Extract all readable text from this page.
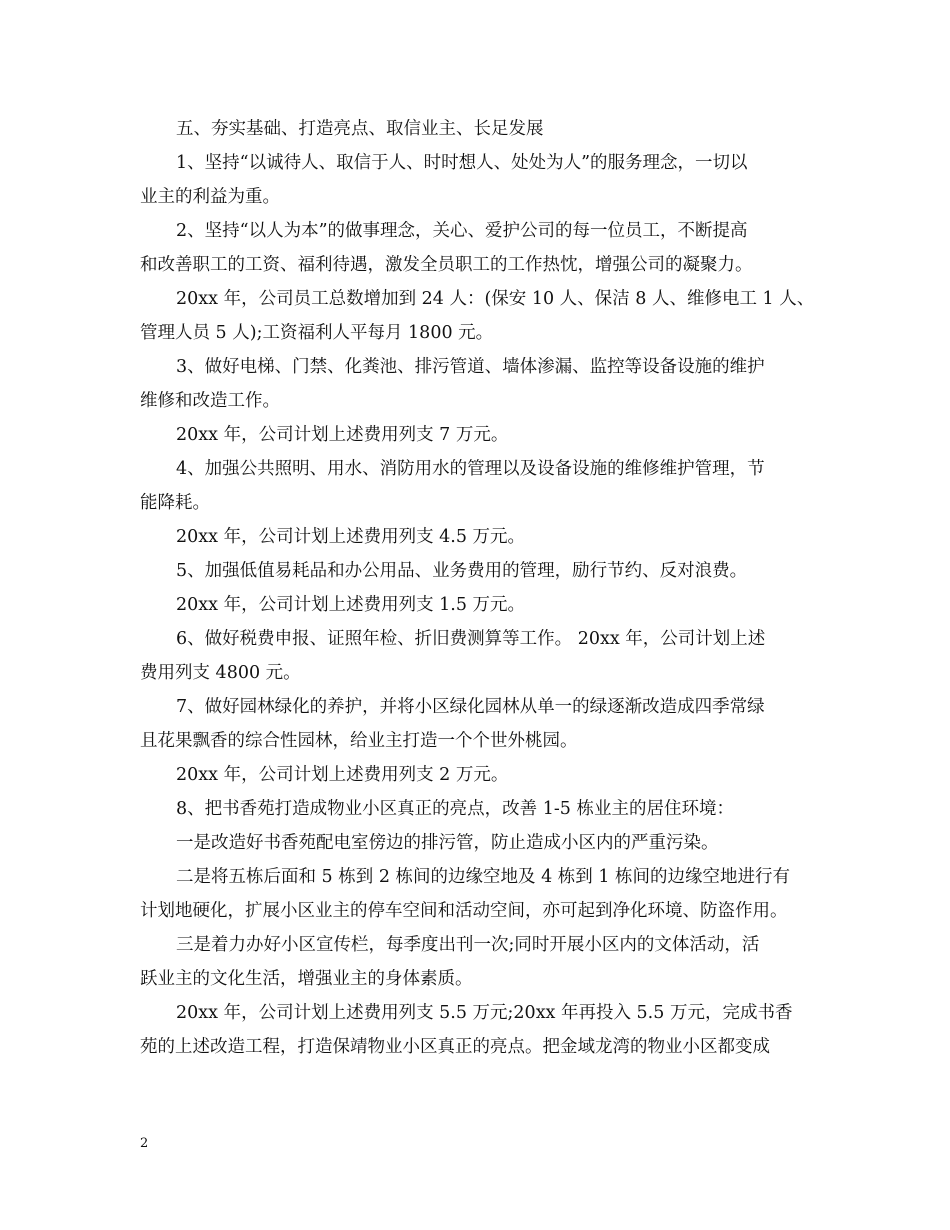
五、夯实基础、打造亮点、取信业主、长足发展
1、坚持“以诚待人、取信于人、时时想人、处处为人”的服务理念，一切以
业主的利益为重。
2、坚持“以人为本”的做事理念，关心、爱护公司的每一位员工，不断提高
和改善职工的工资、福利待遇，激发全员职工的工作热忱，增强公司的凝聚力。
20xx 年，公司员工总数增加到 24 人：(保安 10 人、保洁 8 人、维修电工 1 人、
管理人员 5 人);工资福利人平每月 1800 元。
3、做好电梯、门禁、化粪池、排污管道、墙体渗漏、监控等设备设施的维护
维修和改造工作。
20xx 年，公司计划上述费用列支 7 万元。
4、加强公共照明、用水、消防用水的管理以及设备设施的维修维护管理，节
能降耗。
20xx 年，公司计划上述费用列支 4.5 万元。
5、加强低值易耗品和办公用品、业务费用的管理，励行节约、反对浪费。
20xx 年，公司计划上述费用列支 1.5 万元。
6、做好税费申报、证照年检、折旧费测算等工作。 20xx 年，公司计划上述
费用列支 4800 元。
7、做好园林绿化的养护，并将小区绿化园林从单一的绿逐渐改造成四季常绿
且花果飘香的综合性园林，给业主打造一个个世外桃园。
20xx 年，公司计划上述费用列支 2 万元。
8、把书香苑打造成物业小区真正的亮点，改善 1-5 栋业主的居住环境：
一是改造好书香苑配电室傍边的排污管，防止造成小区内的严重污染。
二是将五栋后面和 5 栋到 2 栋间的边缘空地及 4 栋到 1 栋间的边缘空地进行有
计划地硬化，扩展小区业主的停车空间和活动空间，亦可起到净化环境、防盗作用。
三是着力办好小区宣传栏，每季度出刊一次;同时开展小区内的文体活动，活
跃业主的文化生活，增强业主的身体素质。
20xx 年，公司计划上述费用列支 5.5 万元;20xx 年再投入 5.5 万元，完成书香
苑的上述改造工程，打造保靖物业小区真正的亮点。把金域龙湾的物业小区都变成
2
